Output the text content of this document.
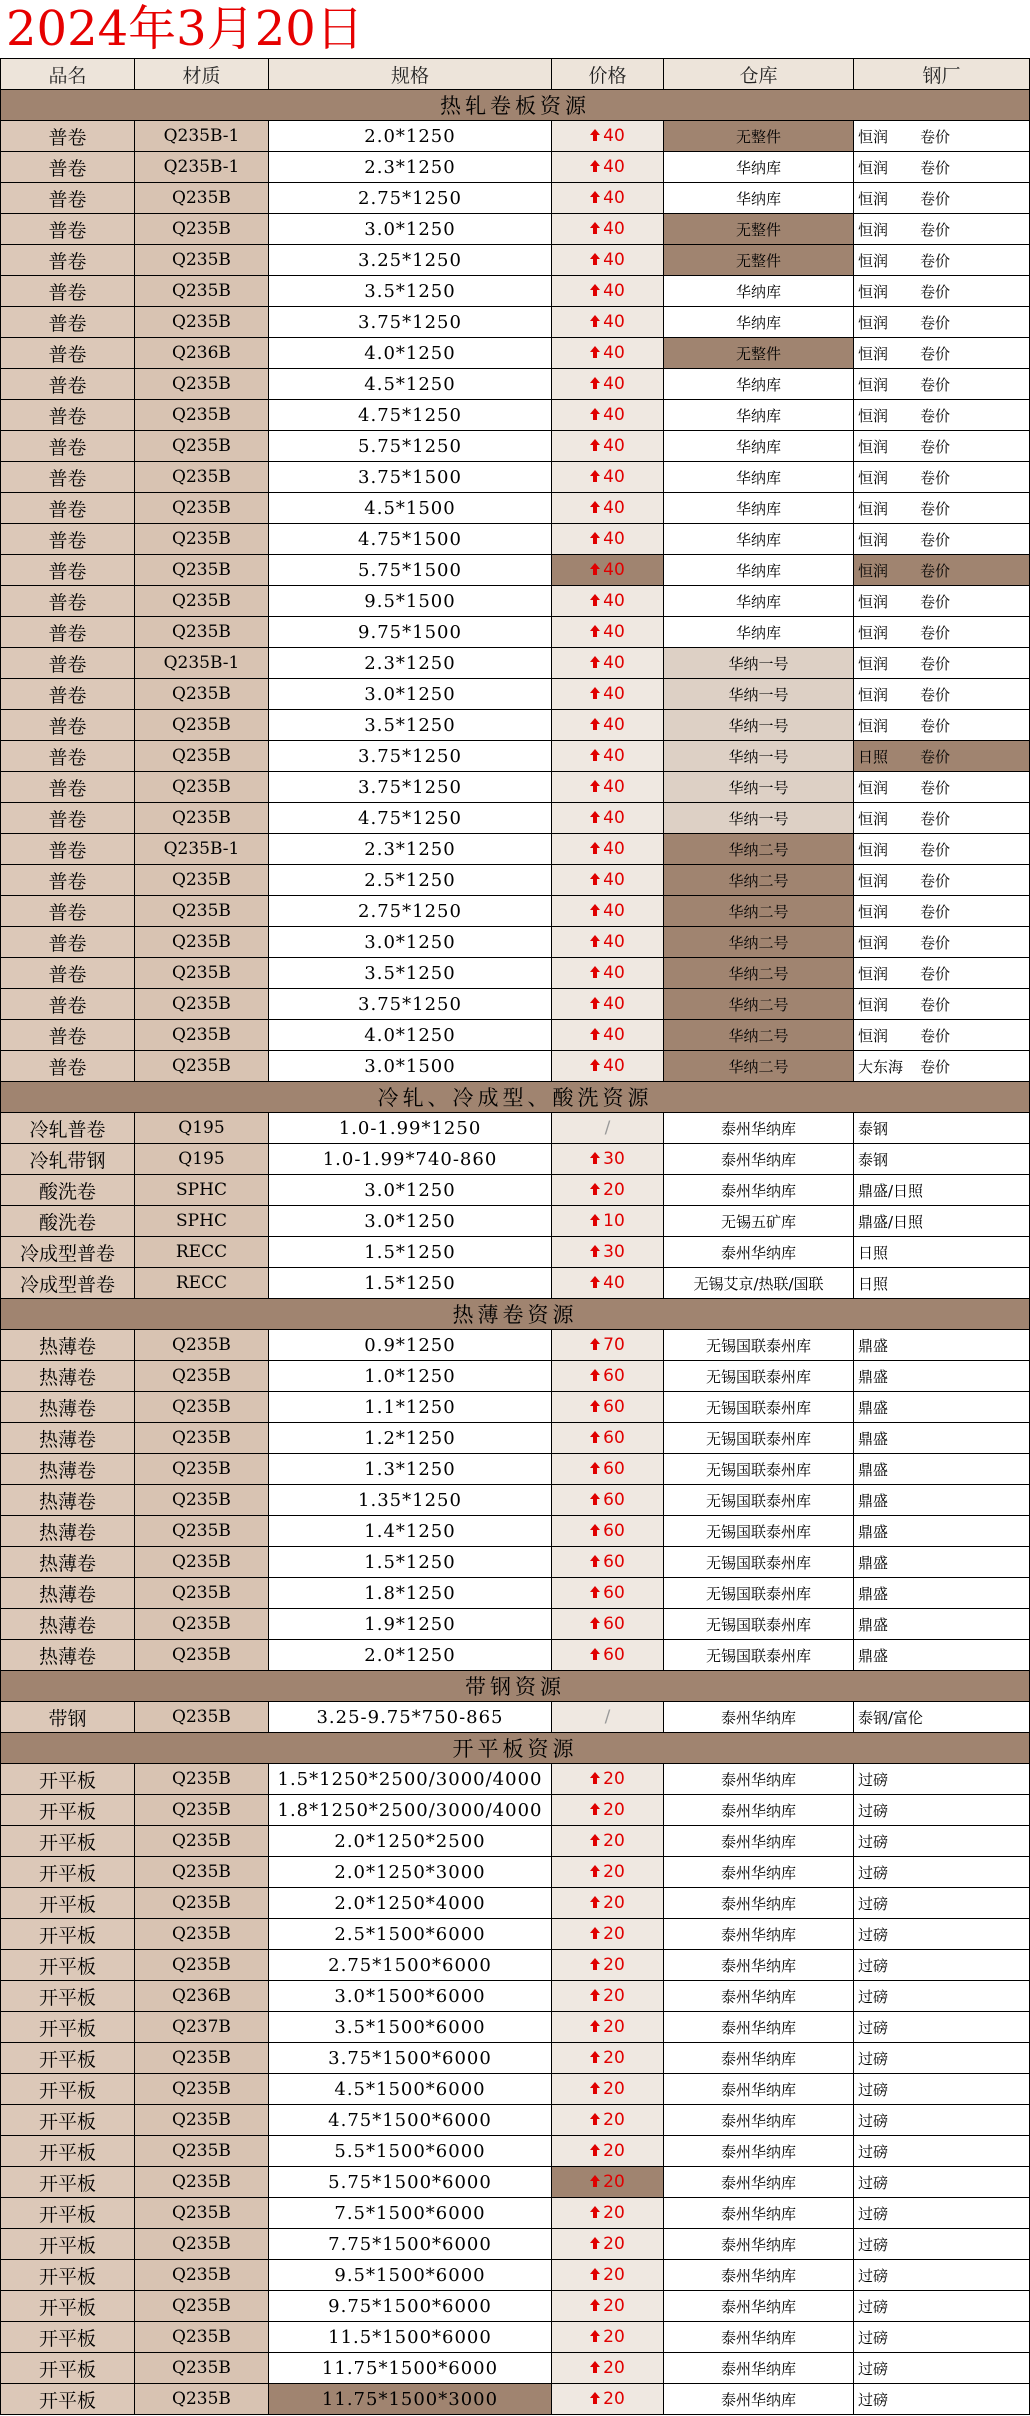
2024年3月20日
品名	材质	规格	价格	仓库	钢厂
热轧卷板资源					
普卷	Q235B-1	2.0*1250	40	无整件	恒润 卷价
普卷	Q235B-1	2.3*1250	40	华纳库	恒润 卷价
普卷	Q235B	2.75*1250	40	华纳库	恒润 卷价
普卷	Q235B	3.0*1250	40	无整件	恒润 卷价
普卷	Q235B	3.25*1250	40	无整件	恒润 卷价
普卷	Q235B	3.5*1250	40	华纳库	恒润 卷价
普卷	Q235B	3.75*1250	40	华纳库	恒润 卷价
普卷	Q236B	4.0*1250	40	无整件	恒润 卷价
普卷	Q235B	4.5*1250	40	华纳库	恒润 卷价
普卷	Q235B	4.75*1250	40	华纳库	恒润 卷价
普卷	Q235B	5.75*1250	40	华纳库	恒润 卷价
普卷	Q235B	3.75*1500	40	华纳库	恒润 卷价
普卷	Q235B	4.5*1500	40	华纳库	恒润 卷价
普卷	Q235B	4.75*1500	40	华纳库	恒润 卷价
普卷	Q235B	5.75*1500	40	华纳库	恒润 卷价
普卷	Q235B	9.5*1500	40	华纳库	恒润 卷价
普卷	Q235B	9.75*1500	40	华纳库	恒润 卷价
普卷	Q235B-1	2.3*1250	40	华纳一号	恒润 卷价
普卷	Q235B	3.0*1250	40	华纳一号	恒润 卷价
普卷	Q235B	3.5*1250	40	华纳一号	恒润 卷价
普卷	Q235B	3.75*1250	40	华纳一号	日照 卷价
普卷	Q235B	3.75*1250	40	华纳一号	恒润 卷价
普卷	Q235B	4.75*1250	40	华纳一号	恒润 卷价
普卷	Q235B-1	2.3*1250	40	华纳二号	恒润 卷价
普卷	Q235B	2.5*1250	40	华纳二号	恒润 卷价
普卷	Q235B	2.75*1250	40	华纳二号	恒润 卷价
普卷	Q235B	3.0*1250	40	华纳二号	恒润 卷价
普卷	Q235B	3.5*1250	40	华纳二号	恒润 卷价
普卷	Q235B	3.75*1250	40	华纳二号	恒润 卷价
普卷	Q235B	4.0*1250	40	华纳二号	恒润 卷价
普卷	Q235B	3.0*1500	40	华纳二号	大东海 卷价
冷轧、冷成型、酸洗资源					
冷轧普卷	Q195	1.0-1.99*1250	/	泰州华纳库	泰钢
冷轧带钢	Q195	1.0-1.99*740-860	30	泰州华纳库	泰钢
酸洗卷	SPHC	3.0*1250	20	泰州华纳库	鼎盛/日照
酸洗卷	SPHC	3.0*1250	10	无锡五矿库	鼎盛/日照
冷成型普卷	RECC	1.5*1250	30	泰州华纳库	日照
冷成型普卷	RECC	1.5*1250	40	无锡艾京/热联/国联	日照
热薄卷资源					
热薄卷	Q235B	0.9*1250	70	无锡国联泰州库	鼎盛
热薄卷	Q235B	1.0*1250	60	无锡国联泰州库	鼎盛
热薄卷	Q235B	1.1*1250	60	无锡国联泰州库	鼎盛
热薄卷	Q235B	1.2*1250	60	无锡国联泰州库	鼎盛
热薄卷	Q235B	1.3*1250	60	无锡国联泰州库	鼎盛
热薄卷	Q235B	1.35*1250	60	无锡国联泰州库	鼎盛
热薄卷	Q235B	1.4*1250	60	无锡国联泰州库	鼎盛
热薄卷	Q235B	1.5*1250	60	无锡国联泰州库	鼎盛
热薄卷	Q235B	1.8*1250	60	无锡国联泰州库	鼎盛
热薄卷	Q235B	1.9*1250	60	无锡国联泰州库	鼎盛
热薄卷	Q235B	2.0*1250	60	无锡国联泰州库	鼎盛
带钢资源					
带钢	Q235B	3.25-9.75*750-865	/	泰州华纳库	泰钢/富伦
开平板资源					
开平板	Q235B	1.5*1250*2500/3000/4000	20	泰州华纳库	过磅
开平板	Q235B	1.8*1250*2500/3000/4000	20	泰州华纳库	过磅
开平板	Q235B	2.0*1250*2500	20	泰州华纳库	过磅
开平板	Q235B	2.0*1250*3000	20	泰州华纳库	过磅
开平板	Q235B	2.0*1250*4000	20	泰州华纳库	过磅
开平板	Q235B	2.5*1500*6000	20	泰州华纳库	过磅
开平板	Q235B	2.75*1500*6000	20	泰州华纳库	过磅
开平板	Q236B	3.0*1500*6000	20	泰州华纳库	过磅
开平板	Q237B	3.5*1500*6000	20	泰州华纳库	过磅
开平板	Q235B	3.75*1500*6000	20	泰州华纳库	过磅
开平板	Q235B	4.5*1500*6000	20	泰州华纳库	过磅
开平板	Q235B	4.75*1500*6000	20	泰州华纳库	过磅
开平板	Q235B	5.5*1500*6000	20	泰州华纳库	过磅
开平板	Q235B	5.75*1500*6000	20	泰州华纳库	过磅
开平板	Q235B	7.5*1500*6000	20	泰州华纳库	过磅
开平板	Q235B	7.75*1500*6000	20	泰州华纳库	过磅
开平板	Q235B	9.5*1500*6000	20	泰州华纳库	过磅
开平板	Q235B	9.75*1500*6000	20	泰州华纳库	过磅
开平板	Q235B	11.5*1500*6000	20	泰州华纳库	过磅
开平板	Q235B	11.75*1500*6000	20	泰州华纳库	过磅
开平板	Q235B	11.75*1500*3000	20	泰州华纳库	过磅
